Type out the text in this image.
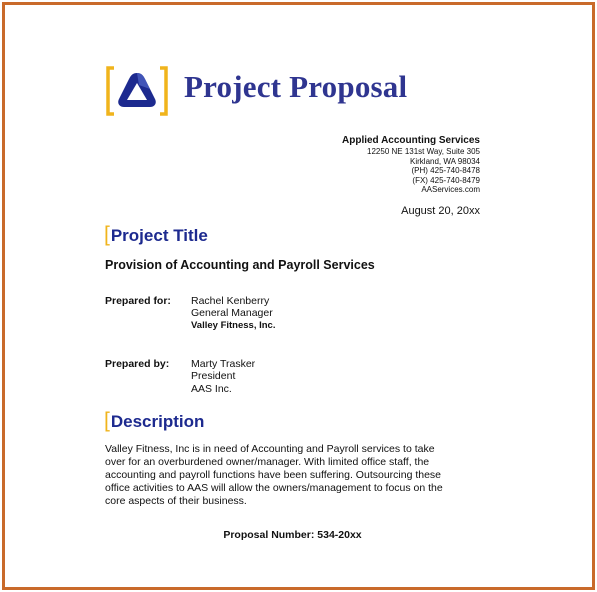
Project Proposal
Applied Accounting Services
12250 NE 131st Way, Suite 305
Kirkland, WA 98034
(PH) 425-740-8478
(FX) 425-740-8479
AAServices.com
August 20, 20xx
[Project Title
Provision of Accounting and Payroll Services
Prepared for: Rachel Kenberry
General Manager
Valley Fitness, Inc.
Prepared by: Marty Trasker
President
AAS Inc.
[Description
Valley Fitness, Inc is in need of Accounting and Payroll services to take
over for an overburdened owner/manager. With limited office staff, the
accounting and payroll functions have been suffering. Outsourcing these
office activities to AAS will allow the owners/management to focus on the
core aspects of their business.
Proposal Number: 534-20xx
